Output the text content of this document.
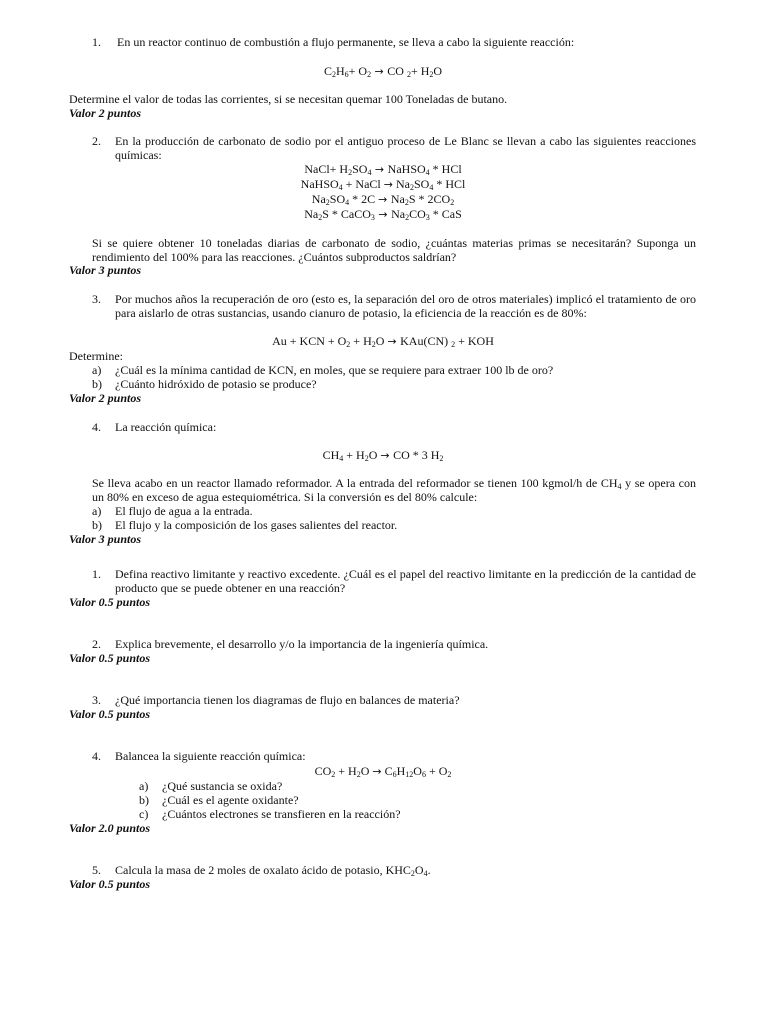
1. En un reactor continuo de combustión a flujo permanente, se lleva a cabo la siguiente reacción:
$C_2H_6+ O_2$ → CO $_2+ H_2O$
Determine el valor de todas las corrientes, si se necesitan quemar 100 Toneladas de butano.
Valor 2 puntos
2. En la producción de carbonato de sodio por el antiguo proceso de Le Blanc se llevan a cabo las siguientes reacciones químicas:
NaCl+ $H_2SO_4$ → NaHSO$_4$ * HCl
NaHSO$_4$ + NaCl → $Na_2SO_4$ * HCl
$Na_2SO_4 * 2C \to Na_2S * 2CO_2$
$Na_2S$ * CaCO$_3$ → $Na_2CO_3$ * CaS
Si se quiere obtener 10 toneladas diarias de carbonato de sodio, ¿cuántas materias primas se necesitarán? Suponga un rendimiento del 100% para las reacciones. ¿Cuántos subproductos saldrían?
Valor 3 puntos
3. Por muchos años la recuperación de oro (esto es, la separación del oro de otros materiales) implicó el tratamiento de oro para aislarlo de otras sustancias, usando cianuro de potasio, la eficiencia de la reacción es de 80%:
Au + KCN + $O_2 + H_2O \to KAu(CN) _2$ + KOH
Determine:
a) ¿Cuál es la mínima cantidad de KCN, en moles, que se requiere para extraer 100 lb de oro?
b) ¿Cuánto hidróxido de potasio se produce?
Valor 2 puntos
4. La reacción química:
$CH_4 + H_2O$ → CO * 3 $H_2$
Se lleva acabo en un reactor llamado reformador. A la entrada del reformador se tienen 100 kgmol/h de $CH_4$ y se opera con un 80% en exceso de agua estequiométrica. Si la conversión es del 80% calcule:
a) El flujo de agua a la entrada.
b) El flujo y la composición de los gases salientes del reactor.
Valor 3 puntos
1. Defina reactivo limitante y reactivo excedente. ¿Cuál es el papel del reactivo limitante en la predicción de la cantidad de producto que se puede obtener en una reacción?
Valor 0.5 puntos
2. Explica brevemente, el desarrollo y/o la importancia de la ingeniería química.
Valor 0.5 puntos
3. ¿Qué importancia tienen los diagramas de flujo en balances de materia?
Valor 0.5 puntos
4. Balancea la siguiente reacción química:
$CO_2 + H_2O \to C_6H_{12}O_6 + O_2$
a) ¿Qué sustancia se oxida?
b) ¿Cuál es el agente oxidante?
c) ¿Cuántos electrones se transfieren en la reacción?
Valor 2.0 puntos
5. Calcula la masa de 2 moles de oxalato ácido de potasio, $KHC_2O_4$.
Valor 0.5 puntos
